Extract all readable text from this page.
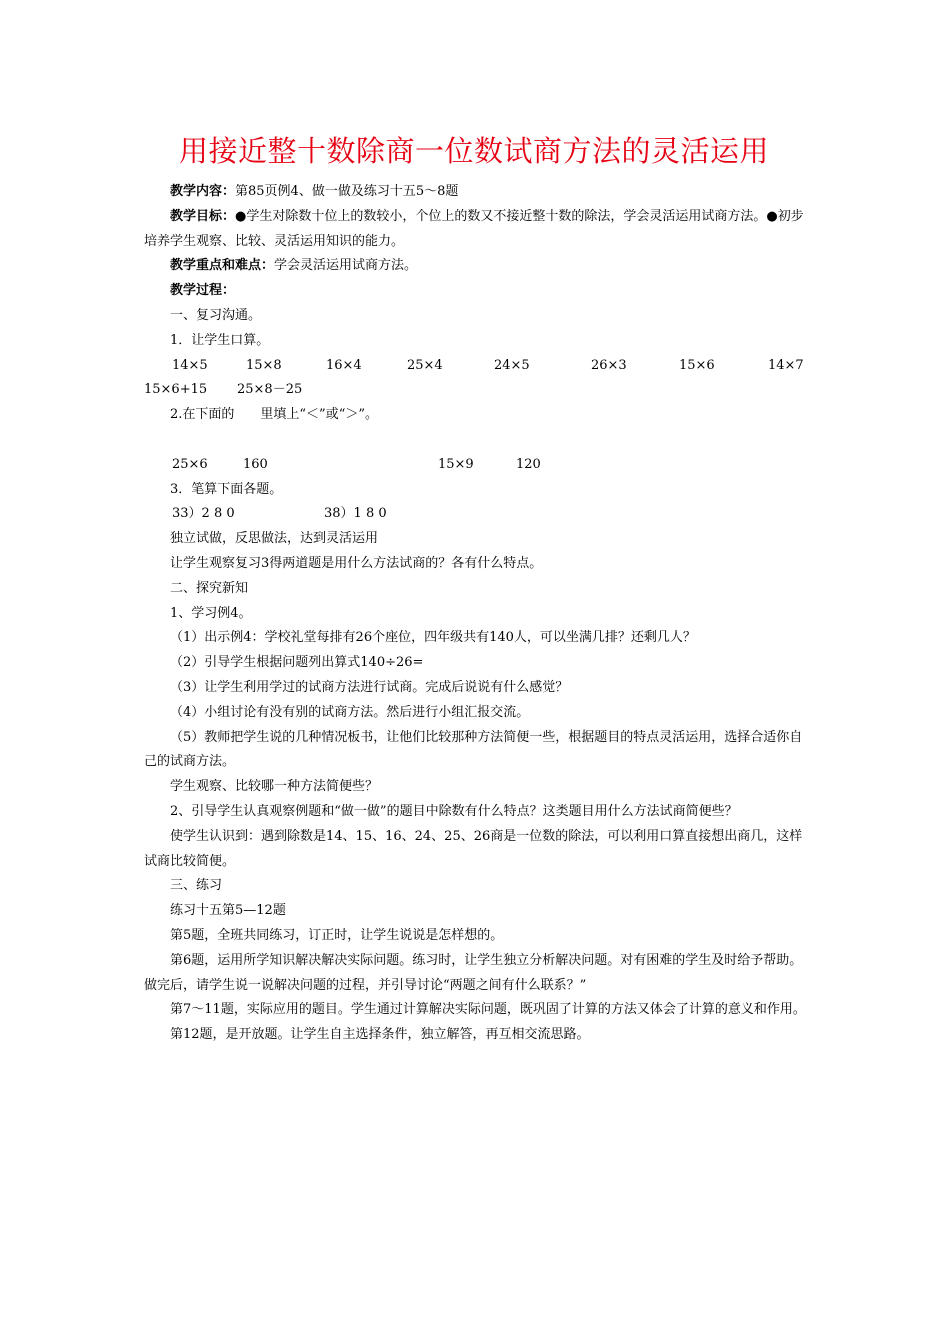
用接近整十数除商一位数试商方法的灵活运用

教学内容：第85页例4、做一做及练习十五5～8题

教学目标：●学生对除数十位上的数较小，个位上的数又不接近整十数的除法，学会灵活运用试商方法。●初步培养学生观察、比较、灵活运用知识的能力。

教学重点和难点：学会灵活运用试商方法。

教学过程：

一、复习沟通。

1．让学生口算。

14×5	15×8	16×4	25×4	24×5	26×3	15×6	14×7
15×6+15 25×8－25

2.在下面的　　里填上“＜”或“＞”。

25×6	160	15×9	120

3．笔算下面各题。

33）2 8 0	38）1 8 0

独立试做，反思做法，达到灵活运用

让学生观察复习3得两道题是用什么方法试商的？各有什么特点。

二、探究新知

1、学习例4。

（1）出示例4：学校礼堂每排有26个座位，四年级共有140人，可以坐满几排？还剩几人？

（2）引导学生根据问题列出算式140÷26=

（3）让学生利用学过的试商方法进行试商。完成后说说有什么感觉？

（4）小组讨论有没有别的试商方法。然后进行小组汇报交流。

（5）教师把学生说的几种情况板书，让他们比较那种方法简便一些，根据题目的特点灵活运用，选择合适你自己的试商方法。

学生观察、比较哪一种方法简便些？

2、引导学生认真观察例题和“做一做”的题目中除数有什么特点？这类题目用什么方法试商简便些？

使学生认识到：遇到除数是14、15、16、24、25、26商是一位数的除法，可以利用口算直接想出商几，这样试商比较简便。

三、练习

练习十五第5—12题

第5题，全班共同练习，订正时，让学生说说是怎样想的。

第6题，运用所学知识解决解决实际问题。练习时，让学生独立分析解决问题。对有困难的学生及时给予帮助。做完后，请学生说一说解决问题的过程，并引导讨论“两题之间有什么联系？”

第7～11题，实际应用的题目。学生通过计算解决实际问题，既巩固了计算的方法又体会了计算的意义和作用。

第12题，是开放题。让学生自主选择条件，独立解答，再互相交流思路。
